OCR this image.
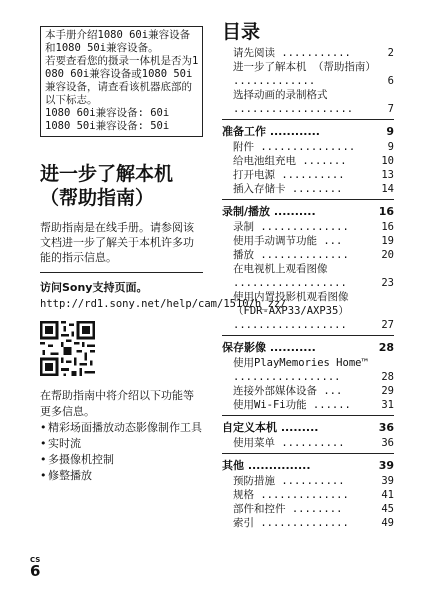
本手册介绍1080 60i兼容设备和1080 50i兼容设备。

若要查看您的摄录一体机是否为1080 60i兼容设备或1080 50i兼容设备，请查看该机器底部的以下标志。

1080 60i兼容设备: 60i

1080 50i兼容设备: 50i

进一步了解本机（帮助指南）
帮助指南是在线手册。请参阅该文档进一步了解关于本机许多功能的指示信息。
访问Sony支持页面。
http://rd1.sony.net/help/cam/1510/h_zz/
在帮助指南中将介绍以下功能等更多信息。
• 精彩场面播放动态影像制作工具
• 实时流
• 多摄像机控制
• 修整播放
CS
6
目录
请先阅读 ...........	2
进一步了解本机 （帮助指南） .............	6
选择动画的录制格式 ...................	7
准备工作 ............	9
附件 ...............	9
给电池组充电 .......	10
打开电源 ..........	13
插入存储卡 ........	14
录制/播放 ..........	16
录制 ..............	16
使用手动调节功能 ...	19
播放 ..............	20
在电视机上观看图像 ..................	23
使用内置投影机观看图像（FDR-AXP33/AXP35） ..................	27
保存影像 ...........	28
使用PlayMemories Home™ .................	28
连接外部媒体设备 ...	29
使用Wi-Fi功能 ......	31
自定义本机 .........	36
使用菜单 ..........	36
其他 ...............	39
预防措施 ..........	39
规格 ..............	41
部件和控件 ........	45
索引 ..............	49
